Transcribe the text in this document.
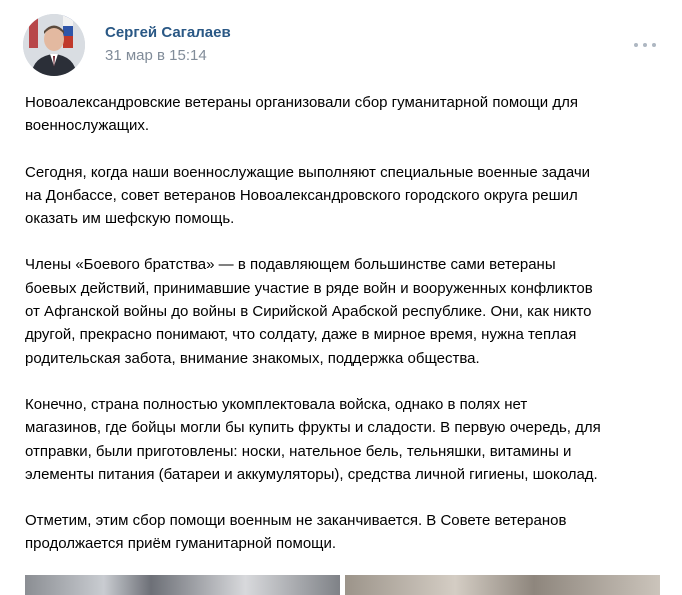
Сергей Сагалаев
31 мар в 15:14

Новоалександровские ветераны организовали сбор гуманитарной помощи для
военнослужащих.

Сегодня, когда наши военнослужащие выполняют специальные военные задачи
на Донбассе, совет ветеранов Новоалександровского городского округа решил
оказать им шефскую помощь.

Члены «Боевого братства» — в подавляющем большинстве сами ветераны
боевых действий, принимавшие участие в ряде войн и вооруженных конфликтов
от Афганской войны до войны в Сирийской Арабской республике. Они, как никто
другой, прекрасно понимают, что солдату, даже в мирное время, нужна теплая
родительская забота, внимание знакомых, поддержка общества.

Конечно, страна полностью укомплектовала войска, однако в полях нет
магазинов, где бойцы могли бы купить фрукты и сладости. В первую очередь, для
отправки, были приготовлены: носки, нательное бель, тельняшки, витамины и
элементы питания (батареи и аккумуляторы), средства личной гигиены, шоколад.

Отметим, этим сбор помощи военным не заканчивается. В Совете ветеранов
продолжается приём гуманитарной помощи.
